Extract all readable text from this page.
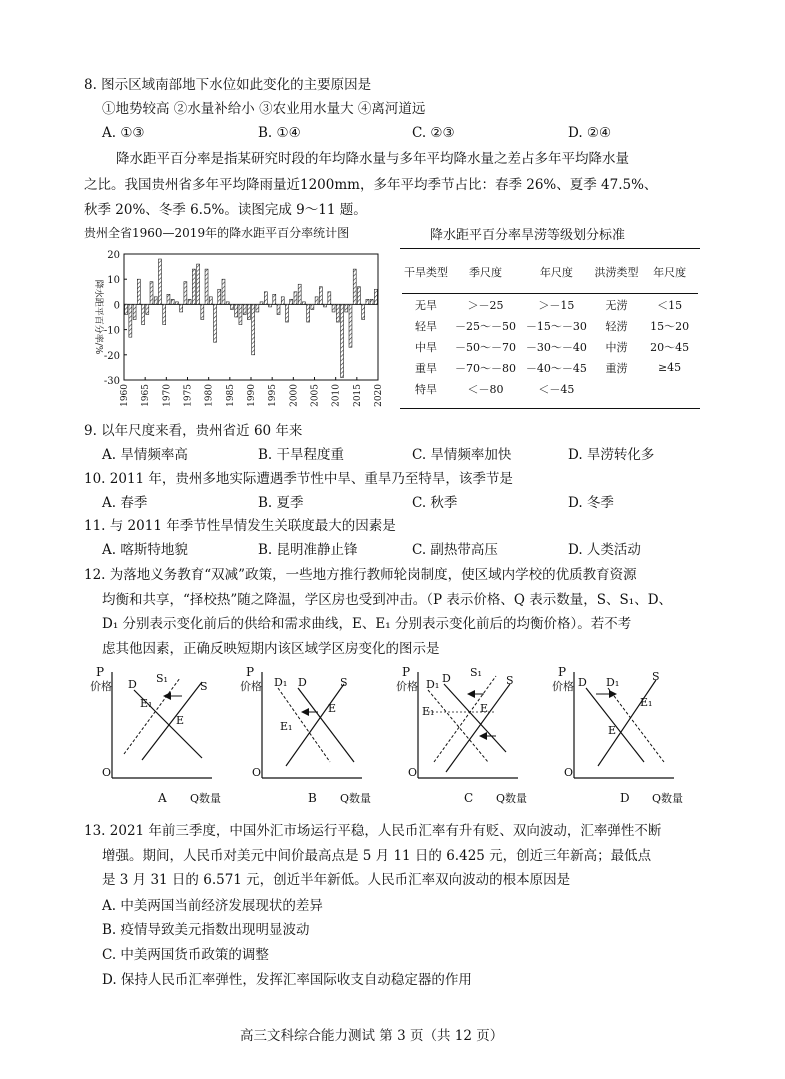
8. 图示区域南部地下水位如此变化的主要原因是
①地势较高 ②水量补给小 ③农业用水量大 ④离河道远
A. ①③	B. ①④	C. ②③	D. ②④
降水距平百分率是指某研究时段的年均降水量与多年平均降水量之差占多年平均降水量
之比。我国贵州省多年平均降雨量近1200mm，多年平均季节占比：春季 26%、夏季 47.5%、
秋季 20%、冬季 6.5%。读图完成 9～11 题。
贵州全省1960—2019年的降水距平百分率统计图
20
10
0
-10
-20
-30
1960 1965 1970 1975 1980 1985 1990 1995 2000 2005 2010 2015 2020
降水距平百分率/%
降水距平百分率旱涝等级划分标准
干旱类型	季尺度	年尺度	洪涝类型	年尺度
无旱	＞－25	＞－15	无涝	＜15
轻旱	－25～－50	－15～－30	轻涝	15～20
中旱	－50～－70	－30～－40	中涝	20～45
重旱	－70～－80	－40～－45	重涝	≥45
特旱	＜－80	＜－45		
9. 以年尺度来看，贵州省近 60 年来
A. 旱情频率高	B. 干旱程度重	C. 旱情频率加快	D. 旱涝转化多
10. 2011 年，贵州多地实际遭遇季节性中旱、重旱乃至特旱，该季节是
A. 春季	B. 夏季	C. 秋季	D. 冬季
11. 与 2011 年季节性旱情发生关联度最大的因素是
A. 喀斯特地貌	B. 昆明准静止锋	C. 副热带高压	D. 人类活动
12. 为落地义务教育“双减”政策，一些地方推行教师轮岗制度，使区域内学校的优质教育资源
均衡和共享，“择校热”随之降温，学区房也受到冲击。（P 表示价格、Q 表示数量，S、S₁、D、
D₁ 分别表示变化前后的供给和需求曲线，E、E₁ 分别表示变化前后的均衡价格）。若不考
虑其他因素，正确反映短期内该区域学区房变化的图示是
P
价格
O
Q数量
D S₁
S
E₁
E
A
P
价格
O
Q数量
D₁ D	S
E
E₁
B
P
价格
O
Q数量
D₁ D S₁
S
E₁	E
C
P
价格
O
Q数量
D D₁	S
E₁
E
D
13. 2021 年前三季度，中国外汇市场运行平稳，人民币汇率有升有贬、双向波动，汇率弹性不断
增强。期间，人民币对美元中间价最高点是 5 月 11 日的 6.425 元，创近三年新高；最低点
是 3 月 31 日的 6.571 元，创近半年新低。人民币汇率双向波动的根本原因是
A. 中美两国当前经济发展现状的差异
B. 疫情导致美元指数出现明显波动
C. 中美两国货币政策的调整
D. 保持人民币汇率弹性，发挥汇率国际收支自动稳定器的作用
高三文科综合能力测试 第 3 页（共 12 页）
